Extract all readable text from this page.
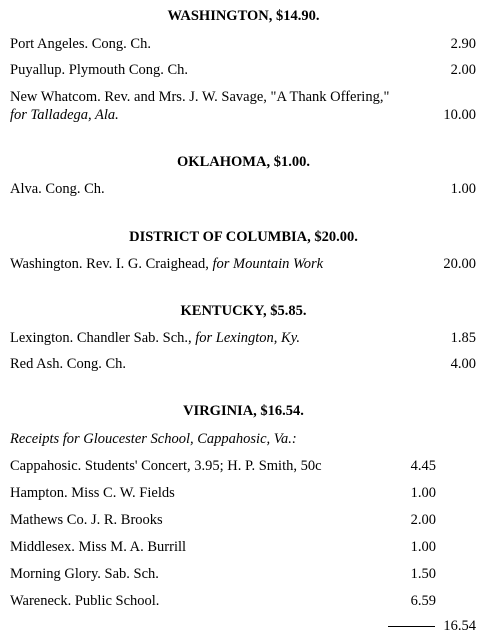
WASHINGTON, $14.90.
Port Angeles. Cong. Ch.	2.90
Puyallup. Plymouth Cong. Ch.	2.00
New Whatcom. Rev. and Mrs. J. W. Savage, "A Thank Offering,"
for Talladega, Ala.	10.00
OKLAHOMA, $1.00.
Alva. Cong. Ch.	1.00
DISTRICT OF COLUMBIA, $20.00.
Washington. Rev. I. G. Craighead, for Mountain Work	20.00
KENTUCKY, $5.85.
Lexington. Chandler Sab. Sch., for Lexington, Ky.	1.85
Red Ash. Cong. Ch.	4.00
VIRGINIA, $16.54.
Receipts for Gloucester School, Cappahosic, Va.:
Cappahosic. Students' Concert, 3.95; H. P. Smith, 50c	4.45
Hampton. Miss C. W. Fields	1.00
Mathews Co. J. R. Brooks	2.00
Middlesex. Miss M. A. Burrill	1.00
Morning Glory. Sab. Sch.	1.50
Wareneck. Public School.	6.59
16.54
